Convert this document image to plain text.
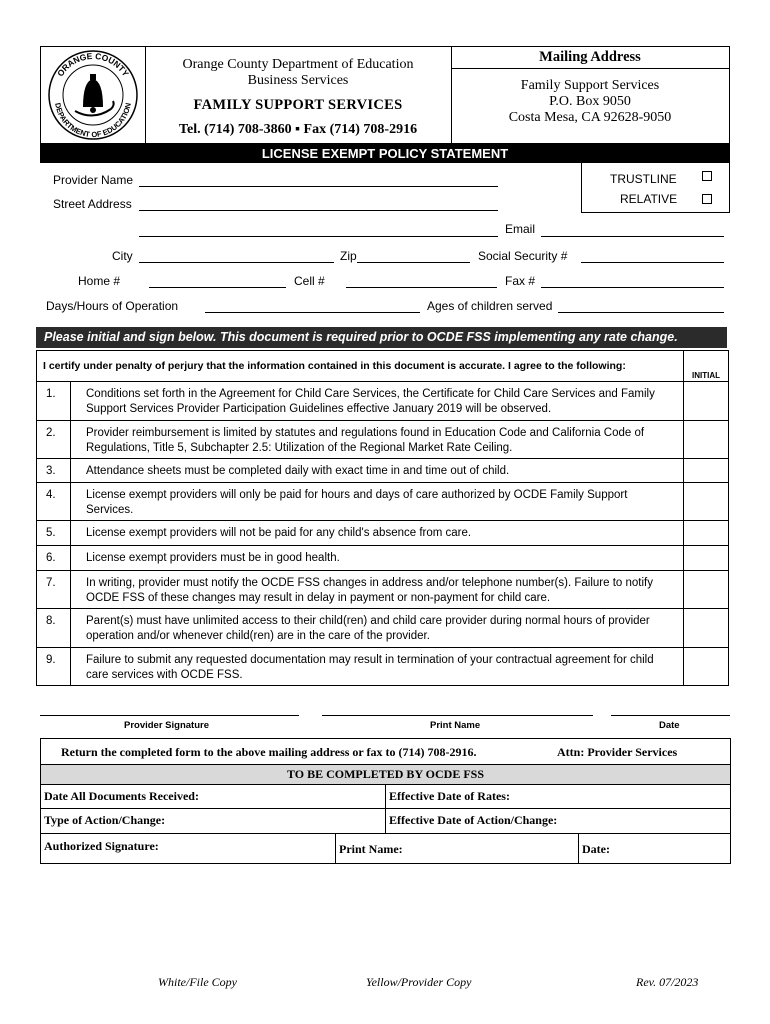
ORANGE COUNTY
DEPARTMENT OF EDUCATION
Orange County Department of Education
Business Services
FAMILY SUPPORT SERVICES
Tel. (714) 708-3860 ▪ Fax (714) 708-2916
Mailing Address
Family Support Services
P.O. Box 9050
Costa Mesa, CA 92628-9050
LICENSE EXEMPT POLICY STATEMENT
Provider Name
Street Address
TRUSTLINE
RELATIVE
Email
City	Zip	Social Security #
Home #	Cell #	Fax #
Days/Hours of Operation	Ages of children served
Please initial and sign below. This document is required prior to OCDE FSS implementing any rate change.
I certify under penalty of perjury that the information contained in this document is accurate. I agree to the following:
INITIAL
1.	Conditions set forth in the Agreement for Child Care Services, the Certificate for Child Care Services and Family Support Services Provider Participation Guidelines effective January 2019 will be observed.
2.	Provider reimbursement is limited by statutes and regulations found in Education Code and California Code of Regulations, Title 5, Subchapter 2.5: Utilization of the Regional Market Rate Ceiling.
3.	Attendance sheets must be completed daily with exact time in and time out of child.
4.	License exempt providers will only be paid for hours and days of care authorized by OCDE Family Support Services.
5.	License exempt providers will not be paid for any child's absence from care.
6.	License exempt providers must be in good health.
7.	In writing, provider must notify the OCDE FSS changes in address and/or telephone number(s). Failure to notify OCDE FSS of these changes may result in delay in payment or non-payment for child care.
8.	Parent(s) must have unlimited access to their child(ren) and child care provider during normal hours of provider operation and/or whenever child(ren) are in the care of the provider.
9.	Failure to submit any requested documentation may result in termination of your contractual agreement for child care services with OCDE FSS.
Provider Signature	Print Name	Date
Return the completed form to the above mailing address or fax to (714) 708-2916.	Attn: Provider Services
TO BE COMPLETED BY OCDE FSS
Date All Documents Received:	Effective Date of Rates:
Type of Action/Change:	Effective Date of Action/Change:
Authorized Signature:	Print Name:	Date:
White/File Copy	Yellow/Provider Copy	Rev. 07/2023
